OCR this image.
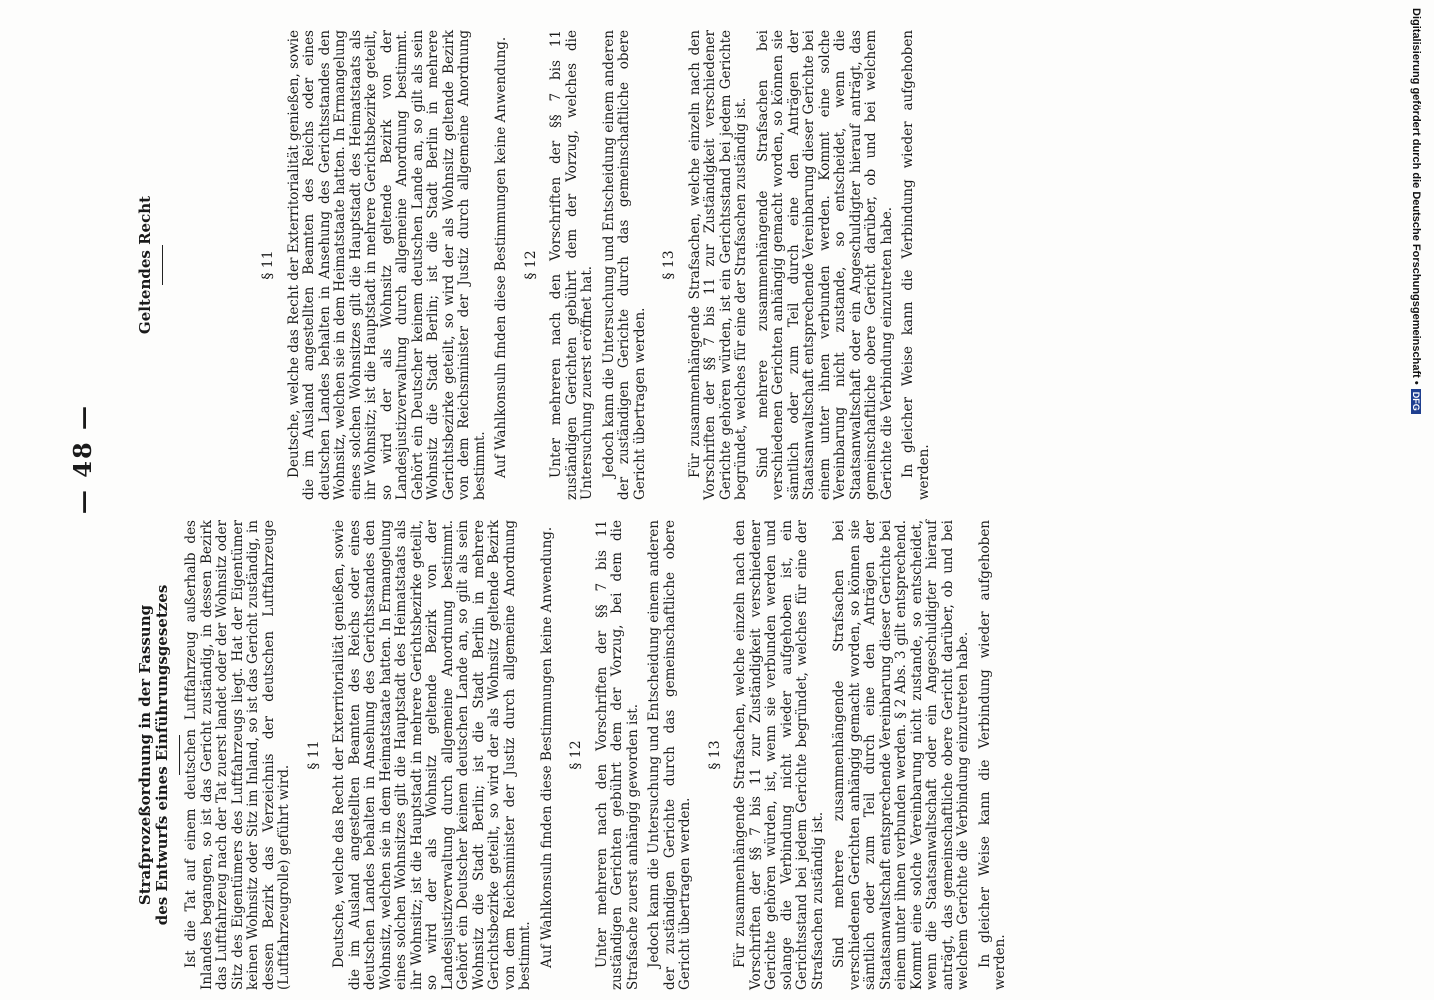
— 48 —
Strafprozeßordnung in der Fassung des Entwurfs eines Einführungsgesetzes Ist die Tat auf einem deutschen Luftfahrzeug außerhalb des Inlandes begangen, so ist das Gericht zuständig, in dessen Bezirk das Luftfahrzeug nach der Tat zuerst landet oder der Wohnsitz oder Sitz des Eigentümers des Luftfahrzeugs liegt. Hat der Eigentümer keinen Wohnsitz oder Sitz im Inland, so ist das Gericht zuständig, in dessen Bezirk das Verzeichnis der deutschen Luftfahrzeuge (Luftfahrzeugrolle) geführt wird.

§ 11 Deutsche, welche das Recht der Exterritorialität genießen, sowie die im Ausland angestellten Beamten des Reichs oder eines deutschen Landes behalten in Ansehung des Gerichtsstandes den Wohnsitz, welchen sie in dem Heimatstaate hatten. In Ermangelung eines solchen Wohnsitzes gilt die Hauptstadt des Heimatstaats als ihr Wohnsitz; ist die Hauptstadt in mehrere Gerichtsbezirke geteilt, so wird der als Wohnsitz geltende Bezirk von der Landesjustizverwaltung durch allgemeine Anordnung bestimmt. Gehört ein Deutscher keinem deutschen Lande an, so gilt als sein Wohnsitz die Stadt Berlin; ist die Stadt Berlin in mehrere Gerichtsbezirke geteilt, so wird der als Wohnsitz geltende Bezirk von dem Reichsminister der Justiz durch allgemeine Anordnung bestimmt. Auf Wahlkonsuln finden diese Bestimmungen keine Anwendung. § 12 Unter mehreren nach den Vorschriften der §§ 7 bis 11 zuständigen Gerichten gebührt dem der Vorzug, bei dem die Strafsache zuerst anhängig geworden ist. Jedoch kann die Untersuchung und Entscheidung einem anderen der zuständigen Gerichte durch das gemeinschaftliche obere Gericht übertragen werden.

§ 13 Für zusammenhängende Strafsachen, welche einzeln nach den Vorschriften der §§ 7 bis 11 zur Zuständigkeit verschiedener Gerichte gehören würden, ist, wenn sie verbunden werden und solange die Verbindung nicht wieder aufgehoben ist, ein Gerichtsstand bei jedem Gerichte begründet, welches für eine der Strafsachen zuständig ist. Sind mehrere zusammenhängende Strafsachen bei verschiedenen Gerichten anhängig gemacht worden, so können sie sämtlich oder zum Teil durch eine den Anträgen der Staatsanwaltschaft entsprechende Vereinbarung dieser Gerichte bei einem unter ihnen verbunden werden. § 2 Abs. 3 gilt entsprechend. Kommt eine solche Vereinbarung nicht zustande, so entscheidet, wenn die Staatsanwaltschaft oder ein Angeschuldigter hierauf anträgt, das gemeinschaftliche obere Gericht darüber, ob und bei welchem Gerichte die Verbindung einzutreten habe. In gleicher Weise kann die Verbindung wieder aufgehoben werden.

Geltendes Recht	§ 11 Deutsche, welche das Recht der Exterritorialität genießen, sowie die im Ausland angestellten Beamten des Reichs oder eines deutschen Landes behalten in Ansehung des Gerichtsstandes den Wohnsitz, welchen sie in dem Heimatstaate hatten. In Ermangelung eines solchen Wohnsitzes gilt die Hauptstadt des Heimatstaats als ihr Wohnsitz; ist die Hauptstadt in mehrere Gerichtsbezirke geteilt, so wird der als Wohnsitz geltende Bezirk von der Landesjustizverwaltung durch allgemeine Anordnung bestimmt. Gehört ein Deutscher keinem deutschen Lande an, so gilt als sein Wohnsitz die Stadt Berlin; ist die Stadt Berlin in mehrere Gerichtsbezirke geteilt, so wird der als Wohnsitz geltende Bezirk von dem Reichsminister der Justiz durch allgemeine Anordnung bestimmt. Auf Wahlkonsuln finden diese Bestimmungen keine Anwendung. § 12 Unter mehreren nach den Vorschriften der §§ 7 bis 11 zuständigen Gerichten gebührt dem der Vorzug, welches die Untersuchung zuerst eröffnet hat. Jedoch kann die Untersuchung und Entscheidung einem anderen der zuständigen Gerichte durch das gemeinschaftliche obere Gericht übertragen werden.

§ 13 Für zusammenhängende Strafsachen, welche einzeln nach den Vorschriften der §§ 7 bis 11 zur Zuständigkeit verschiedener Gerichte gehören würden, ist ein Gerichtsstand bei jedem Gerichte begründet, welches für eine der Strafsachen zuständig ist. Sind mehrere zusammenhängende Strafsachen bei verschiedenen Gerichten anhängig gemacht worden, so können sie sämtlich oder zum Teil durch eine den Anträgen der Staatsanwaltschaft entsprechende Vereinbarung dieser Gerichte bei einem unter ihnen verbunden werden. Kommt eine solche Vereinbarung nicht zustande, so entscheidet, wenn die Staatsanwaltschaft oder ein Angeschuldigter hierauf anträgt, das gemeinschaftliche obere Gericht darüber, ob und bei welchem Gerichte die Verbindung einzutreten habe. In gleicher Weise kann die Verbindung wieder aufgehoben werden.

Digitalisierung gefördert durch die Deutsche Forschungsgemeinschaft •DFG
